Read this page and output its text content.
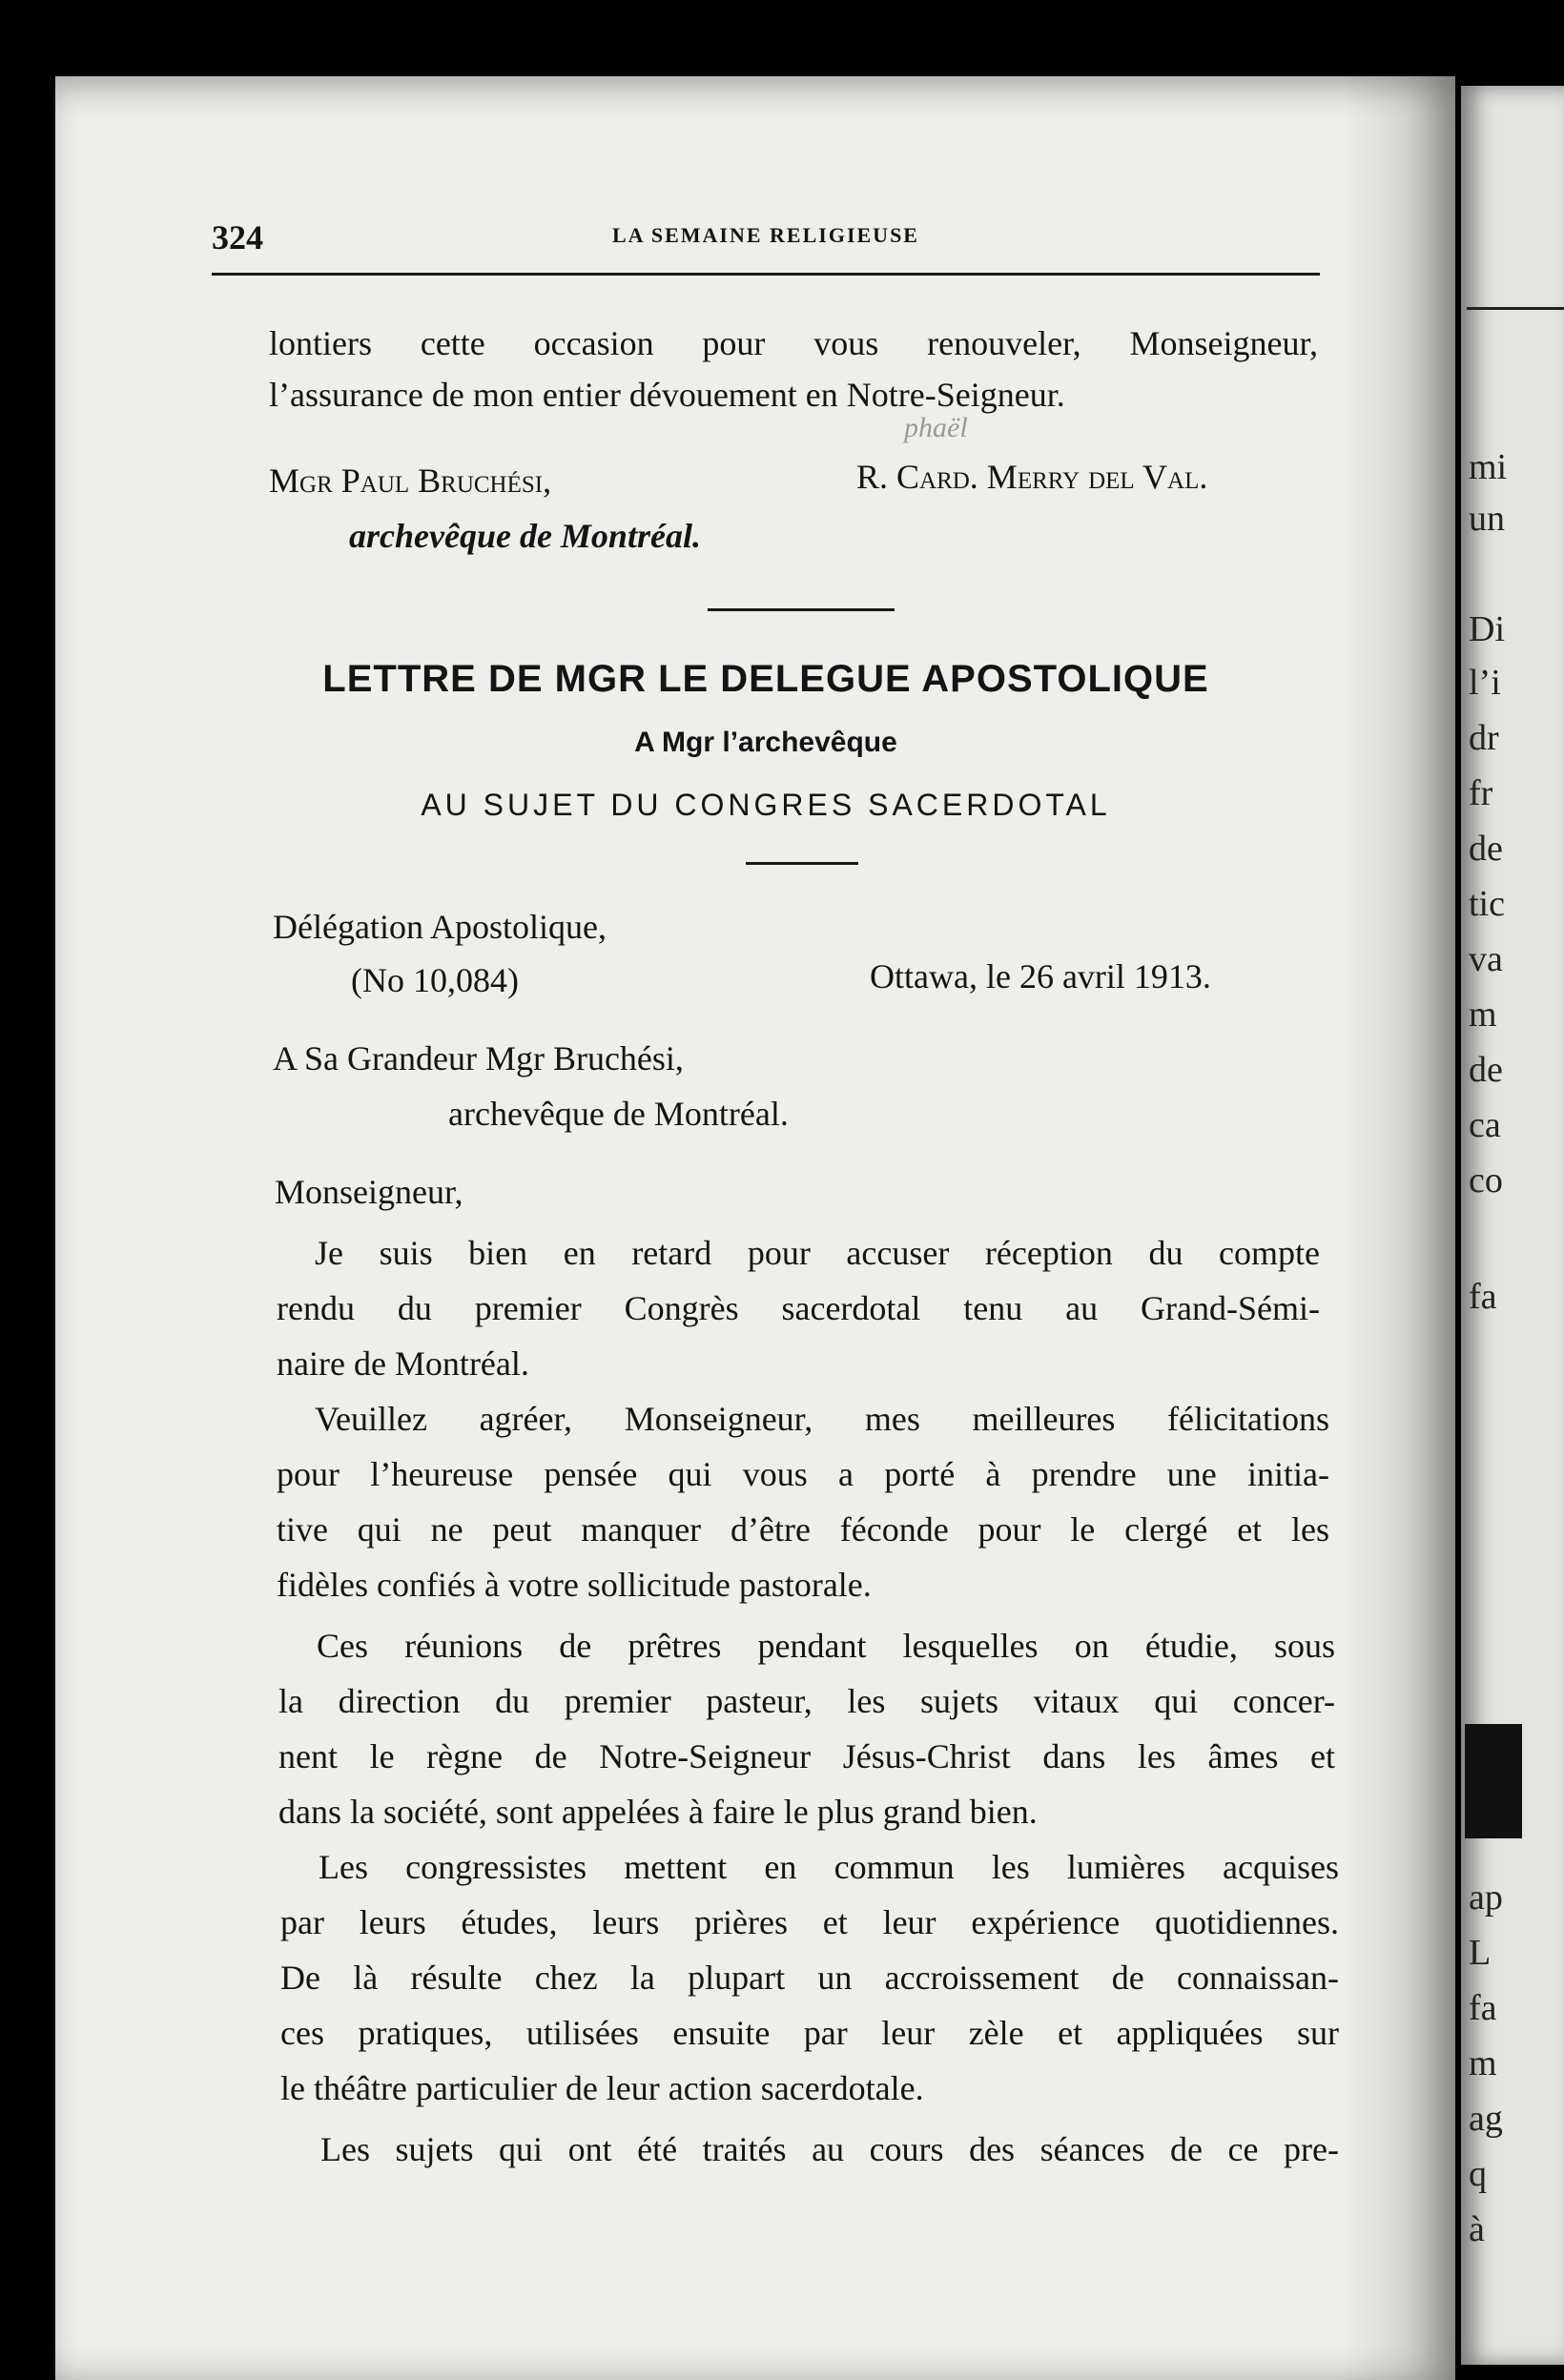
mi
un
Di
l’i
dr
fr
de
tic
va
m
de
ca
co
fa
ap
L
fa
m
ag
q
à
324	LA SEMAINE RELIGIEUSE
lontiers cette occasion pour vous renouveler, Monseigneur,
l’assurance de mon entier dévouement en Notre-Seigneur.
Mgr Paul Bruchési,
archevêque de Montréal.
R. Card. Merry del Val.
phaël
LETTRE DE MGR LE DELEGUE APOSTOLIQUE
A Mgr l’archevêque
AU SUJET DU CONGRES SACERDOTAL
Délégation Apostolique,
(No 10,084)	Ottawa, le 26 avril 1913.
A Sa Grandeur Mgr Bruchési,
archevêque de Montréal.
Monseigneur,
Je suis bien en retard pour accuser réception du compte
rendu du premier Congrès sacerdotal tenu au Grand-Sémi-
naire de Montréal.
Veuillez agréer, Monseigneur, mes meilleures félicitations
pour l’heureuse pensée qui vous a porté à prendre une initia-
tive qui ne peut manquer d’être féconde pour le clergé et les
fidèles confiés à votre sollicitude pastorale.
Ces réunions de prêtres pendant lesquelles on étudie, sous
la direction du premier pasteur, les sujets vitaux qui concer-
nent le règne de Notre-Seigneur Jésus-Christ dans les âmes et
dans la société, sont appelées à faire le plus grand bien.
Les congressistes mettent en commun les lumières acquises
par leurs études, leurs prières et leur expérience quotidiennes.
De là résulte chez la plupart un accroissement de connaissan-
ces pratiques, utilisées ensuite par leur zèle et appliquées sur
le théâtre particulier de leur action sacerdotale.
Les sujets qui ont été traités au cours des séances de ce pre-
